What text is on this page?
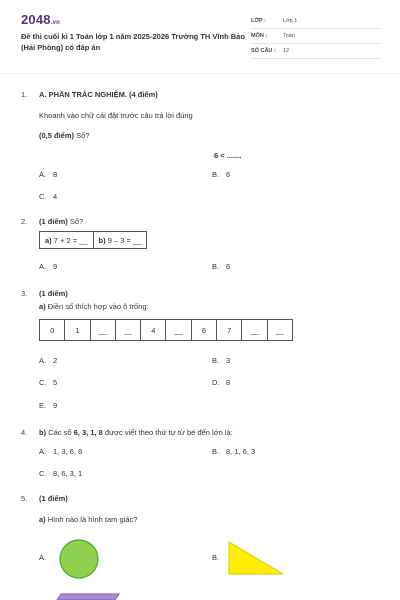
2048.vn
Đề thi cuối kì 1 Toán lớp 1 năm 2025-2026 Trường TH Vĩnh Bảo (Hải Phòng) có đáp án
LỚP :	Lớp 1
MÔN :	Toán
SỐ CÂU :	12
1. A. PHẦN TRẮC NGHIỆM. (4 điểm)
Khoanh vào chữ cái đặt trước câu trả lời đúng
(0,5 điểm) Số?
6 < .......
A. 8	B. 6
C. 4
2. (1 điểm) Số?
a)
7 + 2 = __ b)
9 – 3 = __
A. 9	B. 6
3. (1 điểm)
a) Điền số thích hợp vào ô trống:
0	1	__	__	4	__	6	7	__	__
A. 2	B. 3
C. 5	D. 8
E. 9
4. b) Các số 6, 3, 1, 8 được viết theo thứ tự từ bé đến lớn là:
A. 1, 3, 6, 8	B. 8, 1, 6, 3
C. 8, 6, 3, 1
5. (1 điểm)
a) Hình nào là hình tam giác?
A.	B.
